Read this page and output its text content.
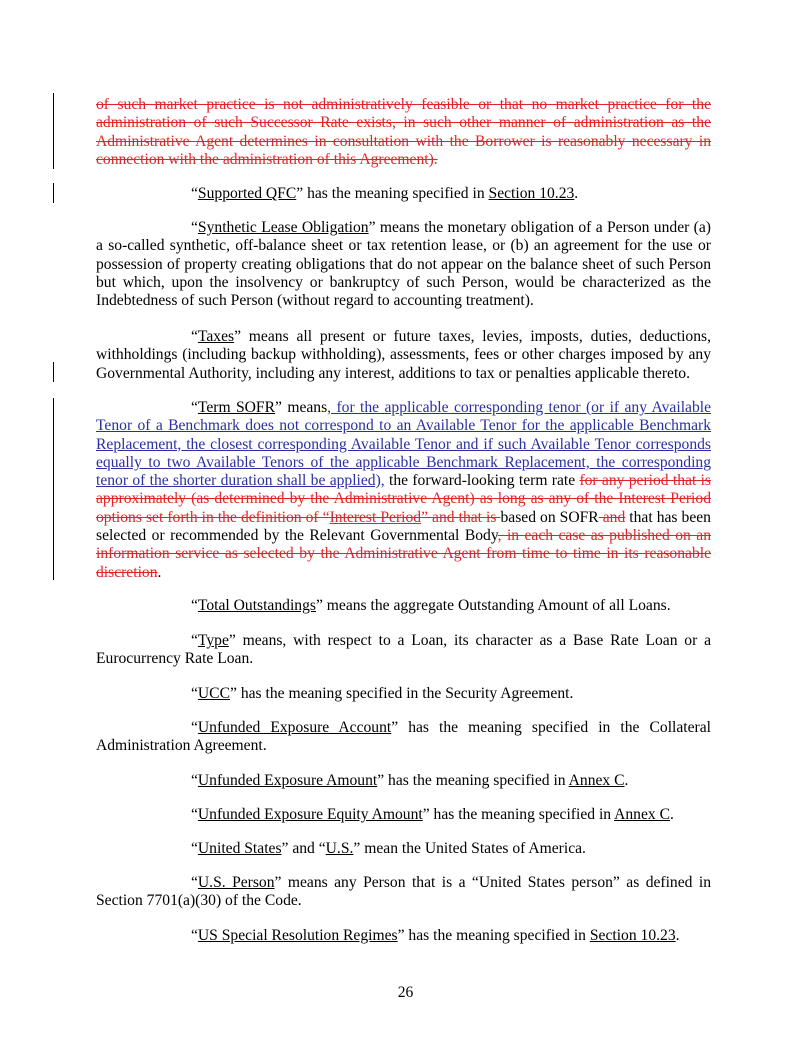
of such market practice is not administratively feasible or that no market practice for the administration of such Successor Rate exists, in such other manner of administration as the Administrative Agent determines in consultation with the Borrower is reasonably necessary in connection with the administration of this Agreement).

“Supported QFC” has the meaning specified in Section 10.23.

“Synthetic Lease Obligation” means the monetary obligation of a Person under (a) a so-called synthetic, off-balance sheet or tax retention lease, or (b) an agreement for the use or possession of property creating obligations that do not appear on the balance sheet of such Person but which, upon the insolvency or bankruptcy of such Person, would be characterized as the Indebtedness of such Person (without regard to accounting treatment).

“Taxes” means all present or future taxes, levies, imposts, duties, deductions, withholdings (including backup withholding), assessments, fees or other charges imposed by any Governmental Authority, including any interest, additions to tax or penalties applicable thereto.

“Term SOFR” means, for the applicable corresponding tenor (or if any Available Tenor of a Benchmark does not correspond to an Available Tenor for the applicable Benchmark Replacement, the closest corresponding Available Tenor and if such Available Tenor corresponds equally to two Available Tenors of the applicable Benchmark Replacement, the corresponding tenor of the shorter duration shall be applied), the forward-looking term rate for any period that is approximately (as determined by the Administrative Agent) as long as any of the Interest Period options set forth in the definition of “Interest Period” and that is based on SOFR and that has been selected or recommended by the Relevant Governmental Body, in each case as published on an information service as selected by the Administrative Agent from time to time in its reasonable discretion.

“Total Outstandings” means the aggregate Outstanding Amount of all Loans.

“Type” means, with respect to a Loan, its character as a Base Rate Loan or a Eurocurrency Rate Loan.

“UCC” has the meaning specified in the Security Agreement.

“Unfunded Exposure Account” has the meaning specified in the Collateral Administration Agreement.

“Unfunded Exposure Amount” has the meaning specified in Annex C.

“Unfunded Exposure Equity Amount” has the meaning specified in Annex C.

“United States” and “U.S.” mean the United States of America.

“U.S. Person” means any Person that is a “United States person” as defined in Section 7701(a)(30) of the Code.

“US Special Resolution Regimes” has the meaning specified in Section 10.23.

26
